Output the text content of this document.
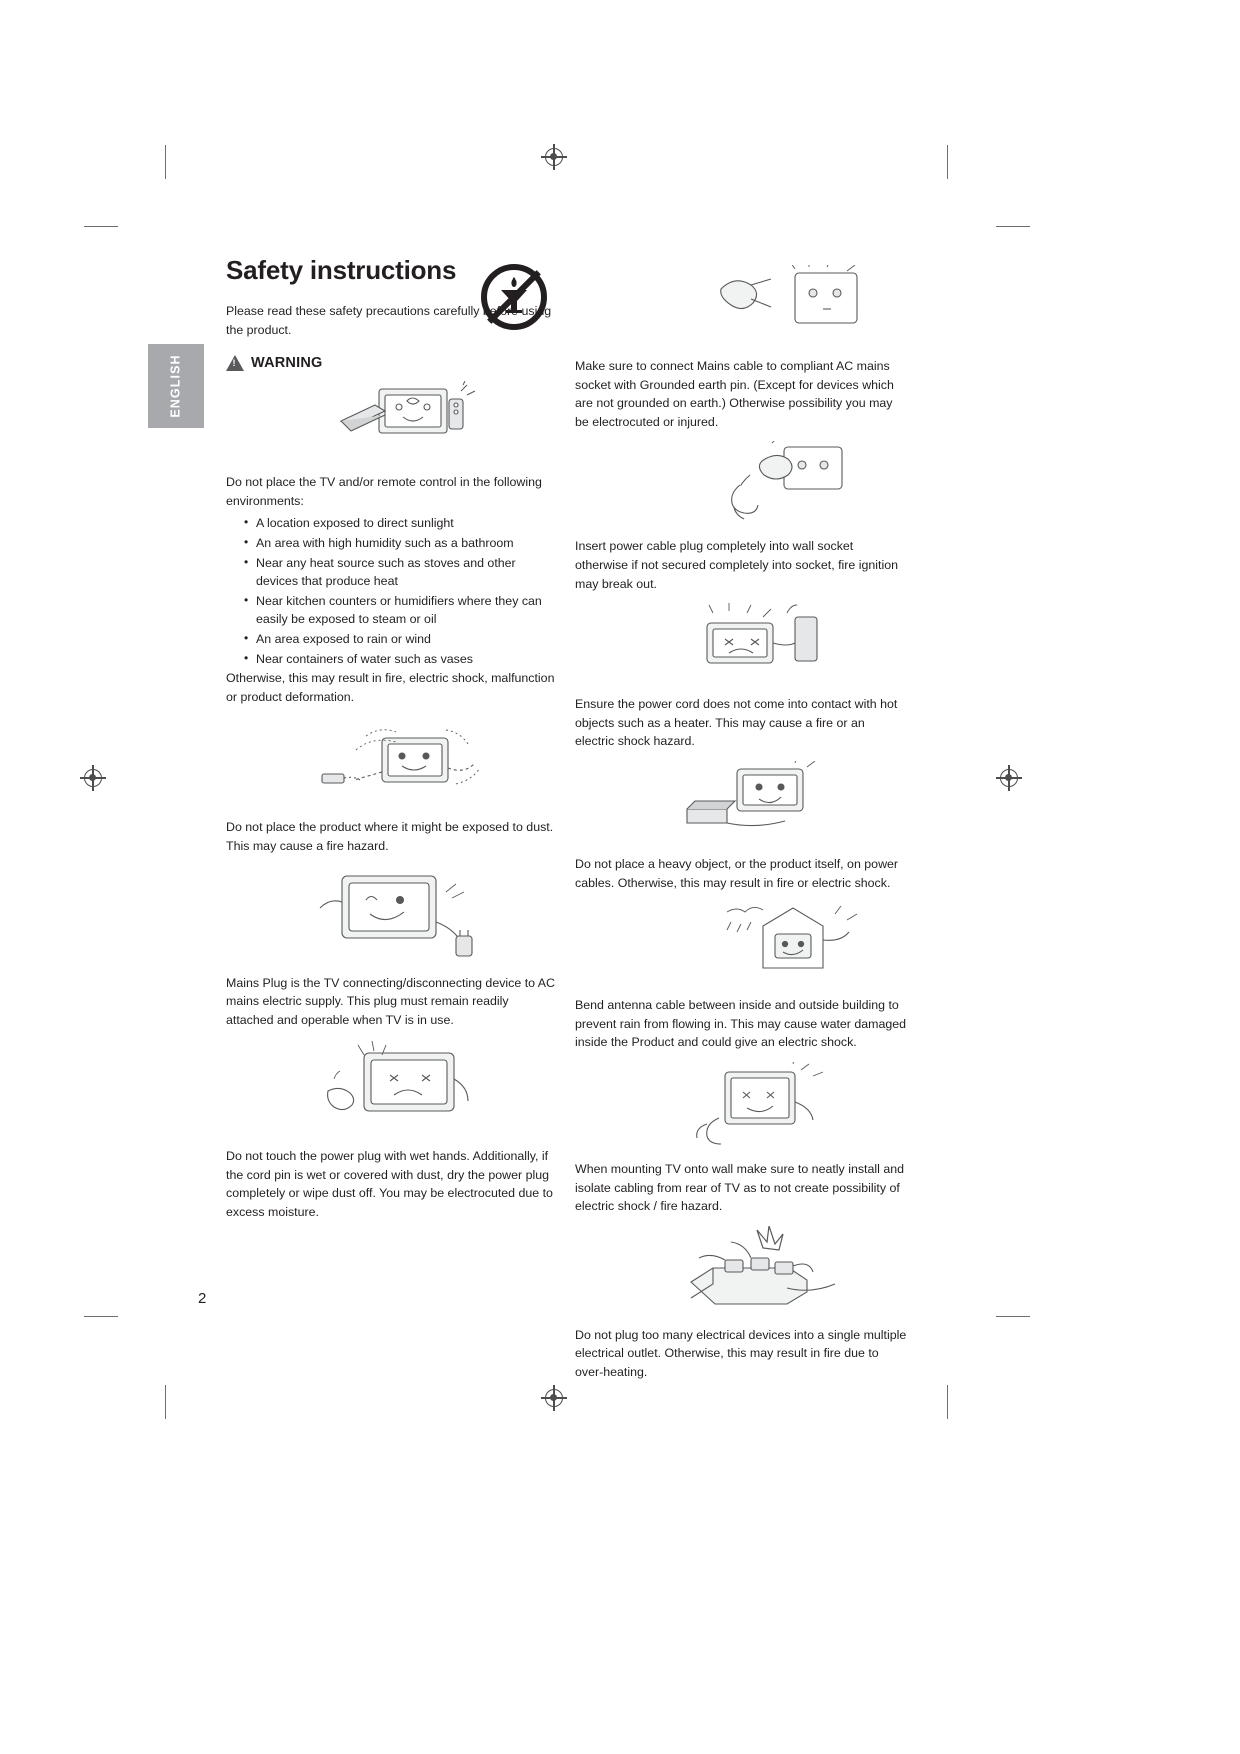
ENGLISH
Safety instructions

Please read these safety precautions carefully before using the product.

!
WARNING

Do not place the TV and/or remote control in the following environments:

• A location exposed to direct sunlight
• An area with high humidity such as a bathroom
• Near any heat source such as stoves and other devices that produce heat
• Near kitchen counters or humidifiers where they can easily be exposed to steam or oil
• An area exposed to rain or wind
• Near containers of water such as vases

Otherwise, this may result in fire, electric shock, malfunction or product deformation.

Do not place the product where it might be exposed to dust. This may cause a fire hazard.

Mains Plug is the TV connecting/disconnecting device to AC mains electric supply. This plug must remain readily attached and operable when TV is in use.

Do not touch the power plug with wet hands. Additionally, if the cord pin is wet or covered with dust, dry the power plug completely or wipe dust off. You may be electrocuted due to excess moisture.

Make sure to connect Mains cable to compliant AC mains socket with Grounded earth pin. (Except for devices which are not grounded on earth.) Otherwise possibility you may be electrocuted or injured.

Insert power cable plug completely into wall socket otherwise if not secured completely into socket, fire ignition may break out.

Ensure the power cord does not come into contact with hot objects such as a heater. This may cause a fire or an electric shock hazard.

Do not place a heavy object, or the product itself, on power cables. Otherwise, this may result in fire or electric shock.

Bend antenna cable between inside and outside building to prevent rain from flowing in. This may cause water damaged inside the Product and could give an electric shock.

When mounting TV onto wall make sure to neatly install and isolate cabling from rear of TV as to not create possibility of electric shock / fire hazard.

Do not plug too many electrical devices into a single multiple electrical outlet. Otherwise, this may result in fire due to over-heating.

2
